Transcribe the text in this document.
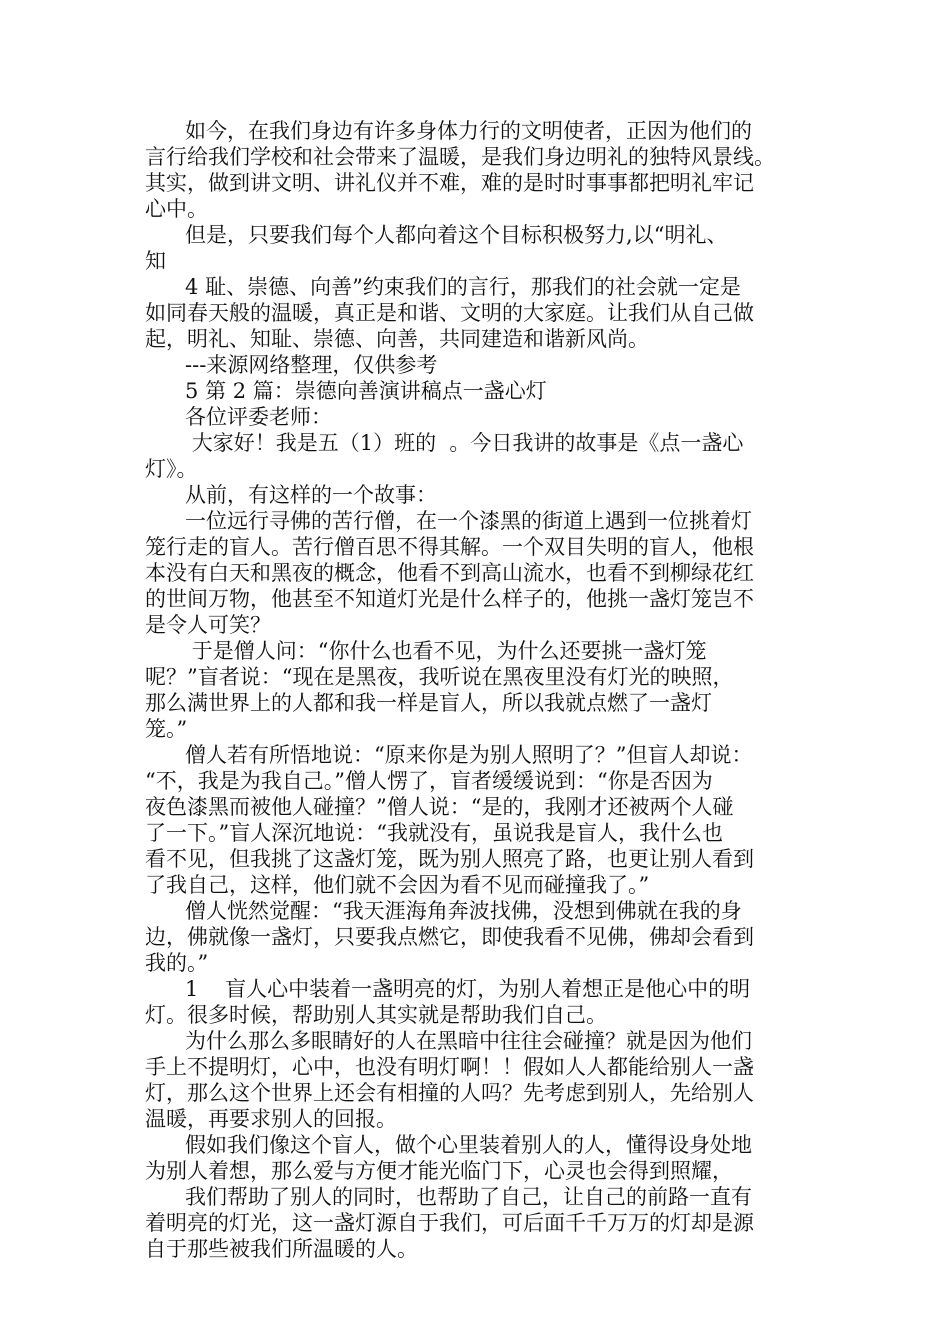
如今，在我们身边有许多身体力行的文明使者，正因为他们的
言行给我们学校和社会带来了温暖，是我们身边明礼的独特风景线。
其实，做到讲文明、讲礼仪并不难，难的是时时事事都把明礼牢记
心中。
但是，只要我们每个人都向着这个目标积极努力,以“明礼、
知
4 耻、崇德、向善”约束我们的言行，那我们的社会就一定是
如同春天般的温暖，真正是和谐、文明的大家庭。让我们从自己做
起，明礼、知耻、崇德、向善，共同建造和谐新风尚。
---来源网络整理，仅供参考
5 第 2 篇：崇德向善演讲稿点一盏心灯
各位评委老师：
大家好！我是五（1）班的  。今日我讲的故事是《点一盏心
灯》。
从前，有这样的一个故事：
一位远行寻佛的苦行僧，在一个漆黑的街道上遇到一位挑着灯
笼行走的盲人。苦行僧百思不得其解。一个双目失明的盲人，他根
本没有白天和黑夜的概念，他看不到高山流水，也看不到柳绿花红
的世间万物，他甚至不知道灯光是什么样子的，他挑一盏灯笼岂不
是令人可笑？
于是僧人问：“你什么也看不见，为什么还要挑一盏灯笼
呢？”盲者说：“现在是黑夜，我听说在黑夜里没有灯光的映照，
那么满世界上的人都和我一样是盲人，所以我就点燃了一盏灯
笼。”
僧人若有所悟地说：“原来你是为别人照明了？”但盲人却说：
“不，我是为我自己。”僧人愣了，盲者缓缓说到：“你是否因为
夜色漆黑而被他人碰撞？”僧人说：“是的，我刚才还被两个人碰
了一下。”盲人深沉地说：“我就没有，虽说我是盲人，我什么也
看不见，但我挑了这盏灯笼，既为别人照亮了路，也更让别人看到
了我自己，这样，他们就不会因为看不见而碰撞我了。”
僧人恍然觉醒：“我天涯海角奔波找佛，没想到佛就在我的身
边，佛就像一盏灯，只要我点燃它，即使我看不见佛，佛却会看到
我的。”
1    盲人心中装着一盏明亮的灯，为别人着想正是他心中的明
灯。很多时候，帮助别人其实就是帮助我们自己。
为什么那么多眼睛好的人在黑暗中往往会碰撞？就是因为他们
手上不提明灯，心中，也没有明灯啊！！假如人人都能给别人一盏
灯，那么这个世界上还会有相撞的人吗？先考虑到别人，先给别人
温暖，再要求别人的回报。
假如我们像这个盲人，做个心里装着别人的人，懂得设身处地
为别人着想，那么爱与方便才能光临门下，心灵也会得到照耀，
我们帮助了别人的同时，也帮助了自己，让自己的前路一直有
着明亮的灯光，这一盏灯源自于我们，可后面千千万万的灯却是源
自于那些被我们所温暖的人。
